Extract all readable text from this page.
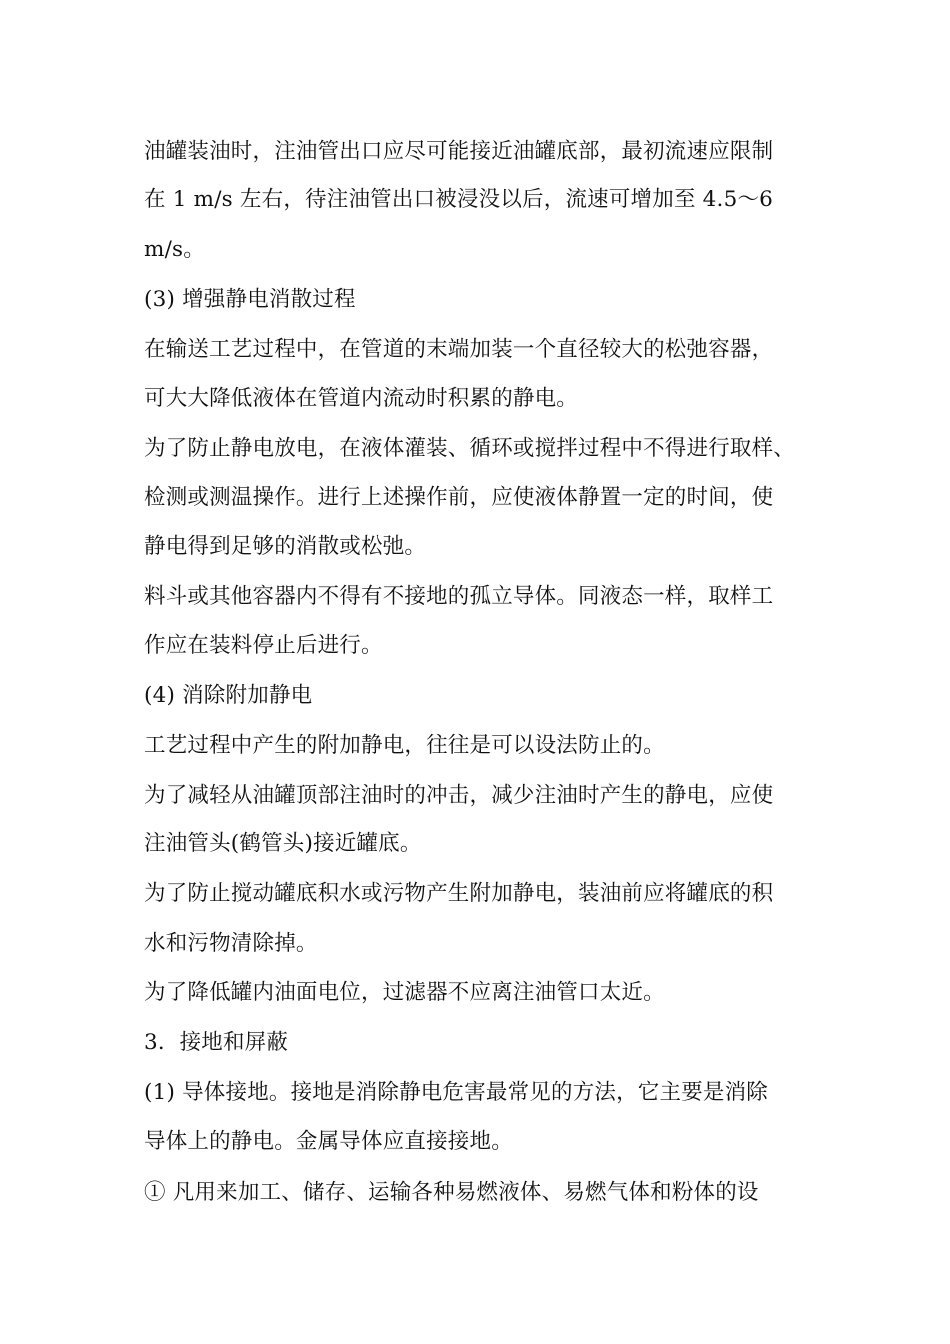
油罐装油时，注油管出口应尽可能接近油罐底部，最初流速应限制
在 1 m/s 左右，待注油管出口被浸没以后，流速可增加至 4.5～6
m/s。
(3) 增强静电消散过程
在输送工艺过程中，在管道的末端加装一个直径较大的松弛容器，
可大大降低液体在管道内流动时积累的静电。
为了防止静电放电，在液体灌装、循环或搅拌过程中不得进行取样、
检测或测温操作。进行上述操作前，应使液体静置一定的时间，使
静电得到足够的消散或松弛。
料斗或其他容器内不得有不接地的孤立导体。同液态一样，取样工
作应在装料停止后进行。
(4) 消除附加静电
工艺过程中产生的附加静电，往往是可以设法防止的。
为了减轻从油罐顶部注油时的冲击，减少注油时产生的静电，应使
注油管头(鹤管头)接近罐底。
为了防止搅动罐底积水或污物产生附加静电，装油前应将罐底的积
水和污物清除掉。
为了降低罐内油面电位，过滤器不应离注油管口太近。
3．接地和屏蔽
(1) 导体接地。接地是消除静电危害最常见的方法，它主要是消除
导体上的静电。金属导体应直接接地。
① 凡用来加工、储存、运输各种易燃液体、易燃气体和粉体的设
